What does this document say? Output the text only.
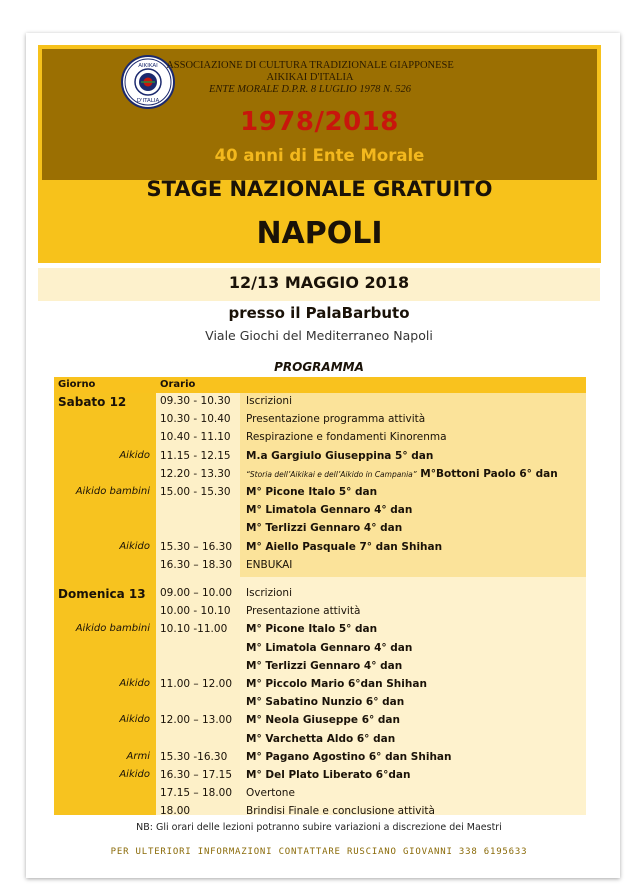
AIKIKAI
D'ITALIA
ASSOCIAZIONE DI CULTURA TRADIZIONALE GIAPPONESE
AIKIKAI D'ITALIA
ENTE MORALE D.P.R. 8 LUGLIO 1978 N. 526
1978/2018
40 anni di Ente Morale
STAGE NAZIONALE GRATUITO
NAPOLI
12/13 MAGGIO 2018
presso il PalaBarbuto
Viale Giochi del Mediterraneo Napoli
PROGRAMMA
Giorno	Orario
Sabato 12
Domenica 13
09.30 - 10.30 Iscrizioni
10.30 - 10.40 Presentazione programma attività
10.40 - 11.10 Respirazione e fondamenti Kinorenma
Aikido 11.15 - 12.15 M.a Gargiulo Giuseppina 5° dan
12.20 - 13.30 “Storia dell’Aikikai e dell’Aikido in Campania” M°Bottoni Paolo 6° dan
Aikido bambini 15.00 - 15.30 M° Picone Italo 5° dan
M° Limatola Gennaro 4° dan
M° Terlizzi Gennaro 4° dan
Aikido 15.30 – 16.30 M° Aiello Pasquale 7° dan Shihan
16.30 – 18.30 ENBUKAI
09.00 – 10.00 Iscrizioni
10.00 - 10.10 Presentazione attività
Aikido bambini 10.10 -11.00 M° Picone Italo 5° dan
M° Limatola Gennaro 4° dan
M° Terlizzi Gennaro 4° dan
Aikido 11.00 – 12.00 M° Piccolo Mario 6°dan Shihan
M° Sabatino Nunzio 6° dan
Aikido 12.00 – 13.00 M° Neola Giuseppe 6° dan
M° Varchetta Aldo 6° dan
Armi 15.30 -16.30 M° Pagano Agostino 6° dan Shihan
Aikido 16.30 – 17.15 M° Del Plato Liberato 6°dan
17.15 – 18.00 Overtone
18.00	Brindisi Finale e conclusione attività
NB: Gli orari delle lezioni potranno subire variazioni a discrezione dei Maestri
PER ULTERIORI INFORMAZIONI CONTATTARE RUSCIANO GIOVANNI 338 6195633
